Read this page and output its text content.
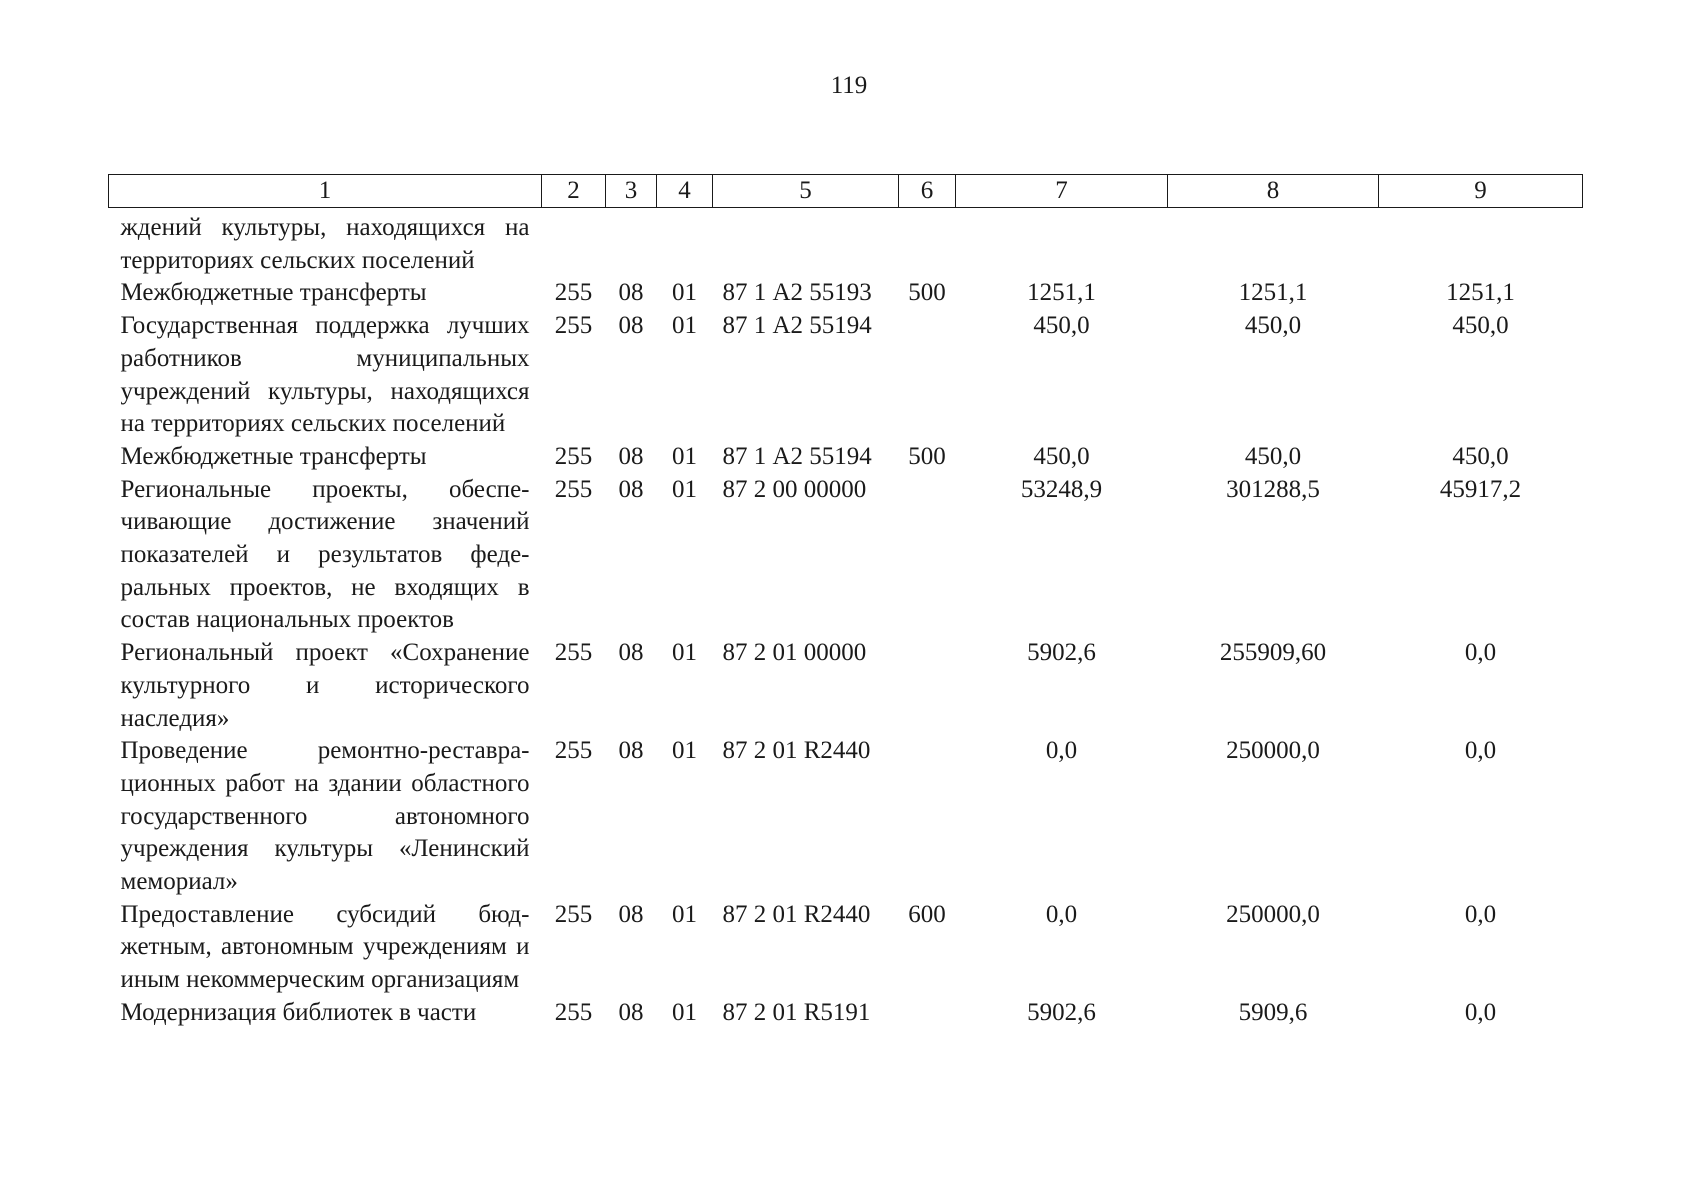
119
1	2	3	4	5	6	7	8	9
ждений культуры, находящихся на территориях сельских поселений								
Межбюджетные трансферты	255	08	01	87 1 А2 55193	500	1251,1	1251,1	1251,1
Государственная поддержка лучших работников муниципальных учреждений культуры, находящихся на территориях сельских поселений	255	08	01	87 1 А2 55194		450,0	450,0	450,0
Межбюджетные трансферты	255	08	01	87 1 А2 55194	500	450,0	450,0	450,0
Региональные проекты, обеспечивающие достижение значений показателей и результатов федеральных проектов, не входящих в состав национальных проектов	255	08	01	87 2 00 00000		53248,9	301288,5	45917,2
Региональный проект «Сохранение культурного и исторического наследия»	255	08	01	87 2 01 00000		5902,6	255909,60	0,0
Проведение ремонтно-реставрационных работ на здании областного государственного автономного учреждения культуры «Ленинский мемориал»	255	08	01	87 2 01 R2440		0,0	250000,0	0,0
Предоставление субсидий бюджетным, автономным учреждениям и иным некоммерческим организациям	255	08	01	87 2 01 R2440	600	0,0	250000,0	0,0
Модернизация библиотек в части	255	08	01	87 2 01 R5191		5902,6	5909,6	0,0
